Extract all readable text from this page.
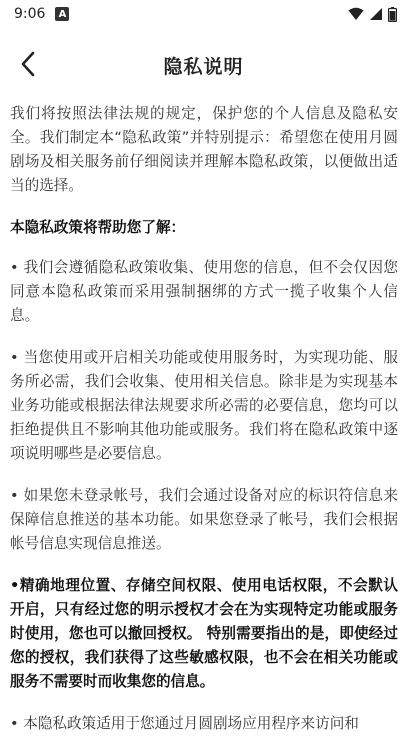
9:06	A
隐私说明

我们将按照法律法规的规定，保护您的个人信息及隐私安全。我们制定本“隐私政策”并特别提示：希望您在使用月圆剧场及相关服务前仔细阅读并理解本隐私政策，以便做出适当的选择。

本隐私政策将帮助您了解：

• 我们会遵循隐私政策收集、使用您的信息，但不会仅因您同意本隐私政策而采用强制捆绑的方式一揽子收集个人信息。

• 当您使用或开启相关功能或使用服务时，为实现功能、服务所必需，我们会收集、使用相关信息。除非是为实现基本业务功能或根据法律法规要求所必需的必要信息，您均可以拒绝提供且不影响其他功能或服务。我们将在隐私政策中逐项说明哪些是必要信息。

• 如果您未登录帐号，我们会通过设备对应的标识符信息来保障信息推送的基本功能。如果您登录了帐号，我们会根据帐号信息实现信息推送。

•精确地理位置、存储空间权限、使用电话权限，不会默认开启，只有经过您的明示授权才会在为实现特定功能或服务时使用，您也可以撤回授权。 特别需要指出的是，即使经过您的授权，我们获得了这些敏感权限，也不会在相关功能或服务不需要时而收集您的信息。

• 本隐私政策适用于您通过月圆剧场应用程序来访问和
